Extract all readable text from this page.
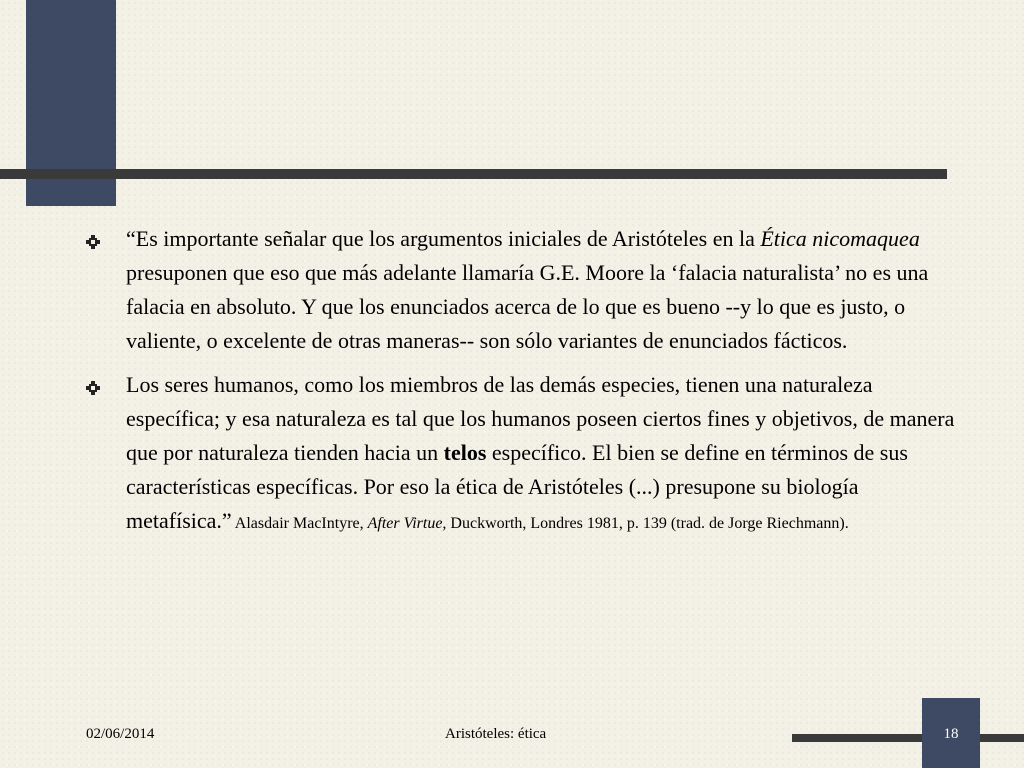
“Es importante señalar que los argumentos iniciales de Aristóteles en la Ética nicomaquea presuponen que eso que más adelante llamaría G.E. Moore la ‘falacia naturalista’ no es una falacia en absoluto. Y que los enunciados acerca de lo que es bueno --y lo que es justo, o valiente, o excelente de otras maneras-- son sólo variantes de enunciados fácticos.
Los seres humanos, como los miembros de las demás especies, tienen una naturaleza específica; y esa naturaleza es tal que los humanos poseen ciertos fines y objetivos, de manera que por naturaleza tienden hacia un telos específico. El bien se define en términos de sus características específicas. Por eso la ética de Aristóteles (...) presupone su biología metafísica.” Alasdair MacIntyre, After Virtue, Duckworth, Londres 1981, p. 139 (trad. de Jorge Riechmann).
02/06/2014	Aristóteles: ética	18
